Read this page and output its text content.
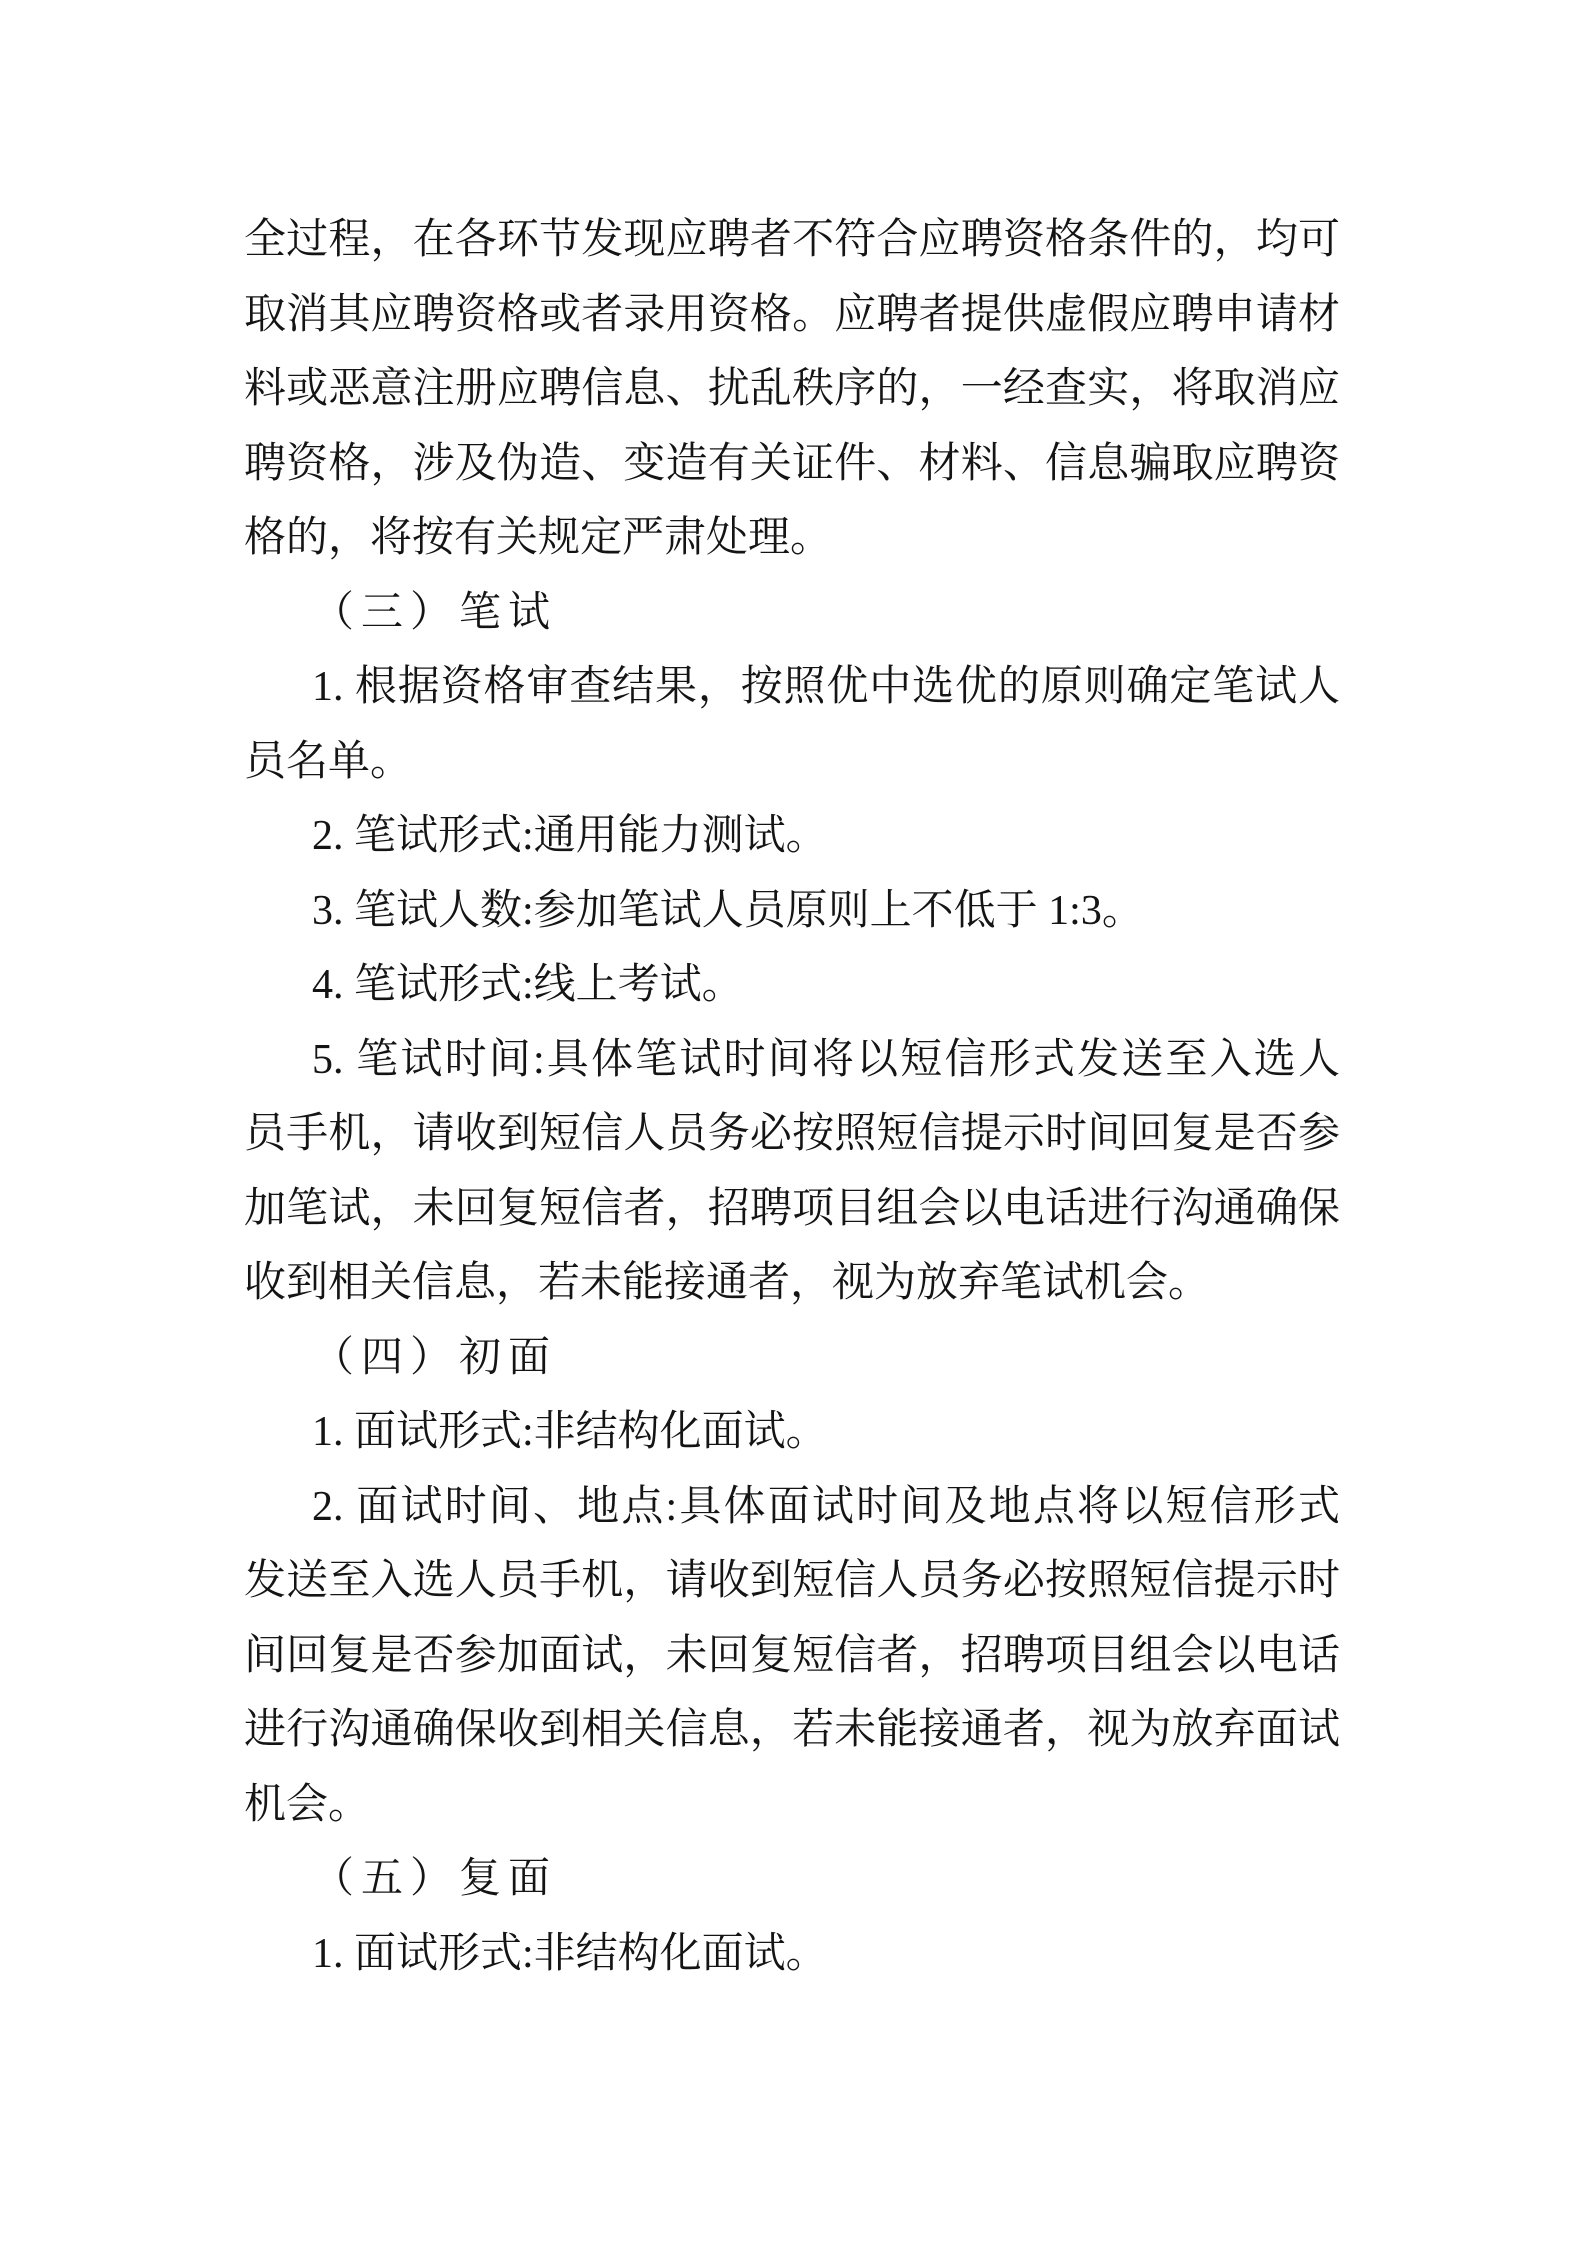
全过程，在各环节发现应聘者不符合应聘资格条件的，均可
取消其应聘资格或者录用资格。应聘者提供虚假应聘申请材
料或恶意注册应聘信息、扰乱秩序的，一经查实，将取消应
聘资格，涉及伪造、变造有关证件、材料、信息骗取应聘资
格的，将按有关规定严肃处理。
（三）笔试
1. 根据资格审查结果，按照优中选优的原则确定笔试人
员名单。
2. 笔试形式:通用能力测试。
3. 笔试人数:参加笔试人员原则上不低于 1:3。
4. 笔试形式:线上考试。
5. 笔试时间:具体笔试时间将以短信形式发送至入选人
员手机，请收到短信人员务必按照短信提示时间回复是否参
加笔试，未回复短信者，招聘项目组会以电话进行沟通确保
收到相关信息，若未能接通者，视为放弃笔试机会。
（四）初面
1. 面试形式:非结构化面试。
2. 面试时间、地点:具体面试时间及地点将以短信形式
发送至入选人员手机，请收到短信人员务必按照短信提示时
间回复是否参加面试，未回复短信者，招聘项目组会以电话
进行沟通确保收到相关信息，若未能接通者，视为放弃面试
机会。
（五）复面
1. 面试形式:非结构化面试。
